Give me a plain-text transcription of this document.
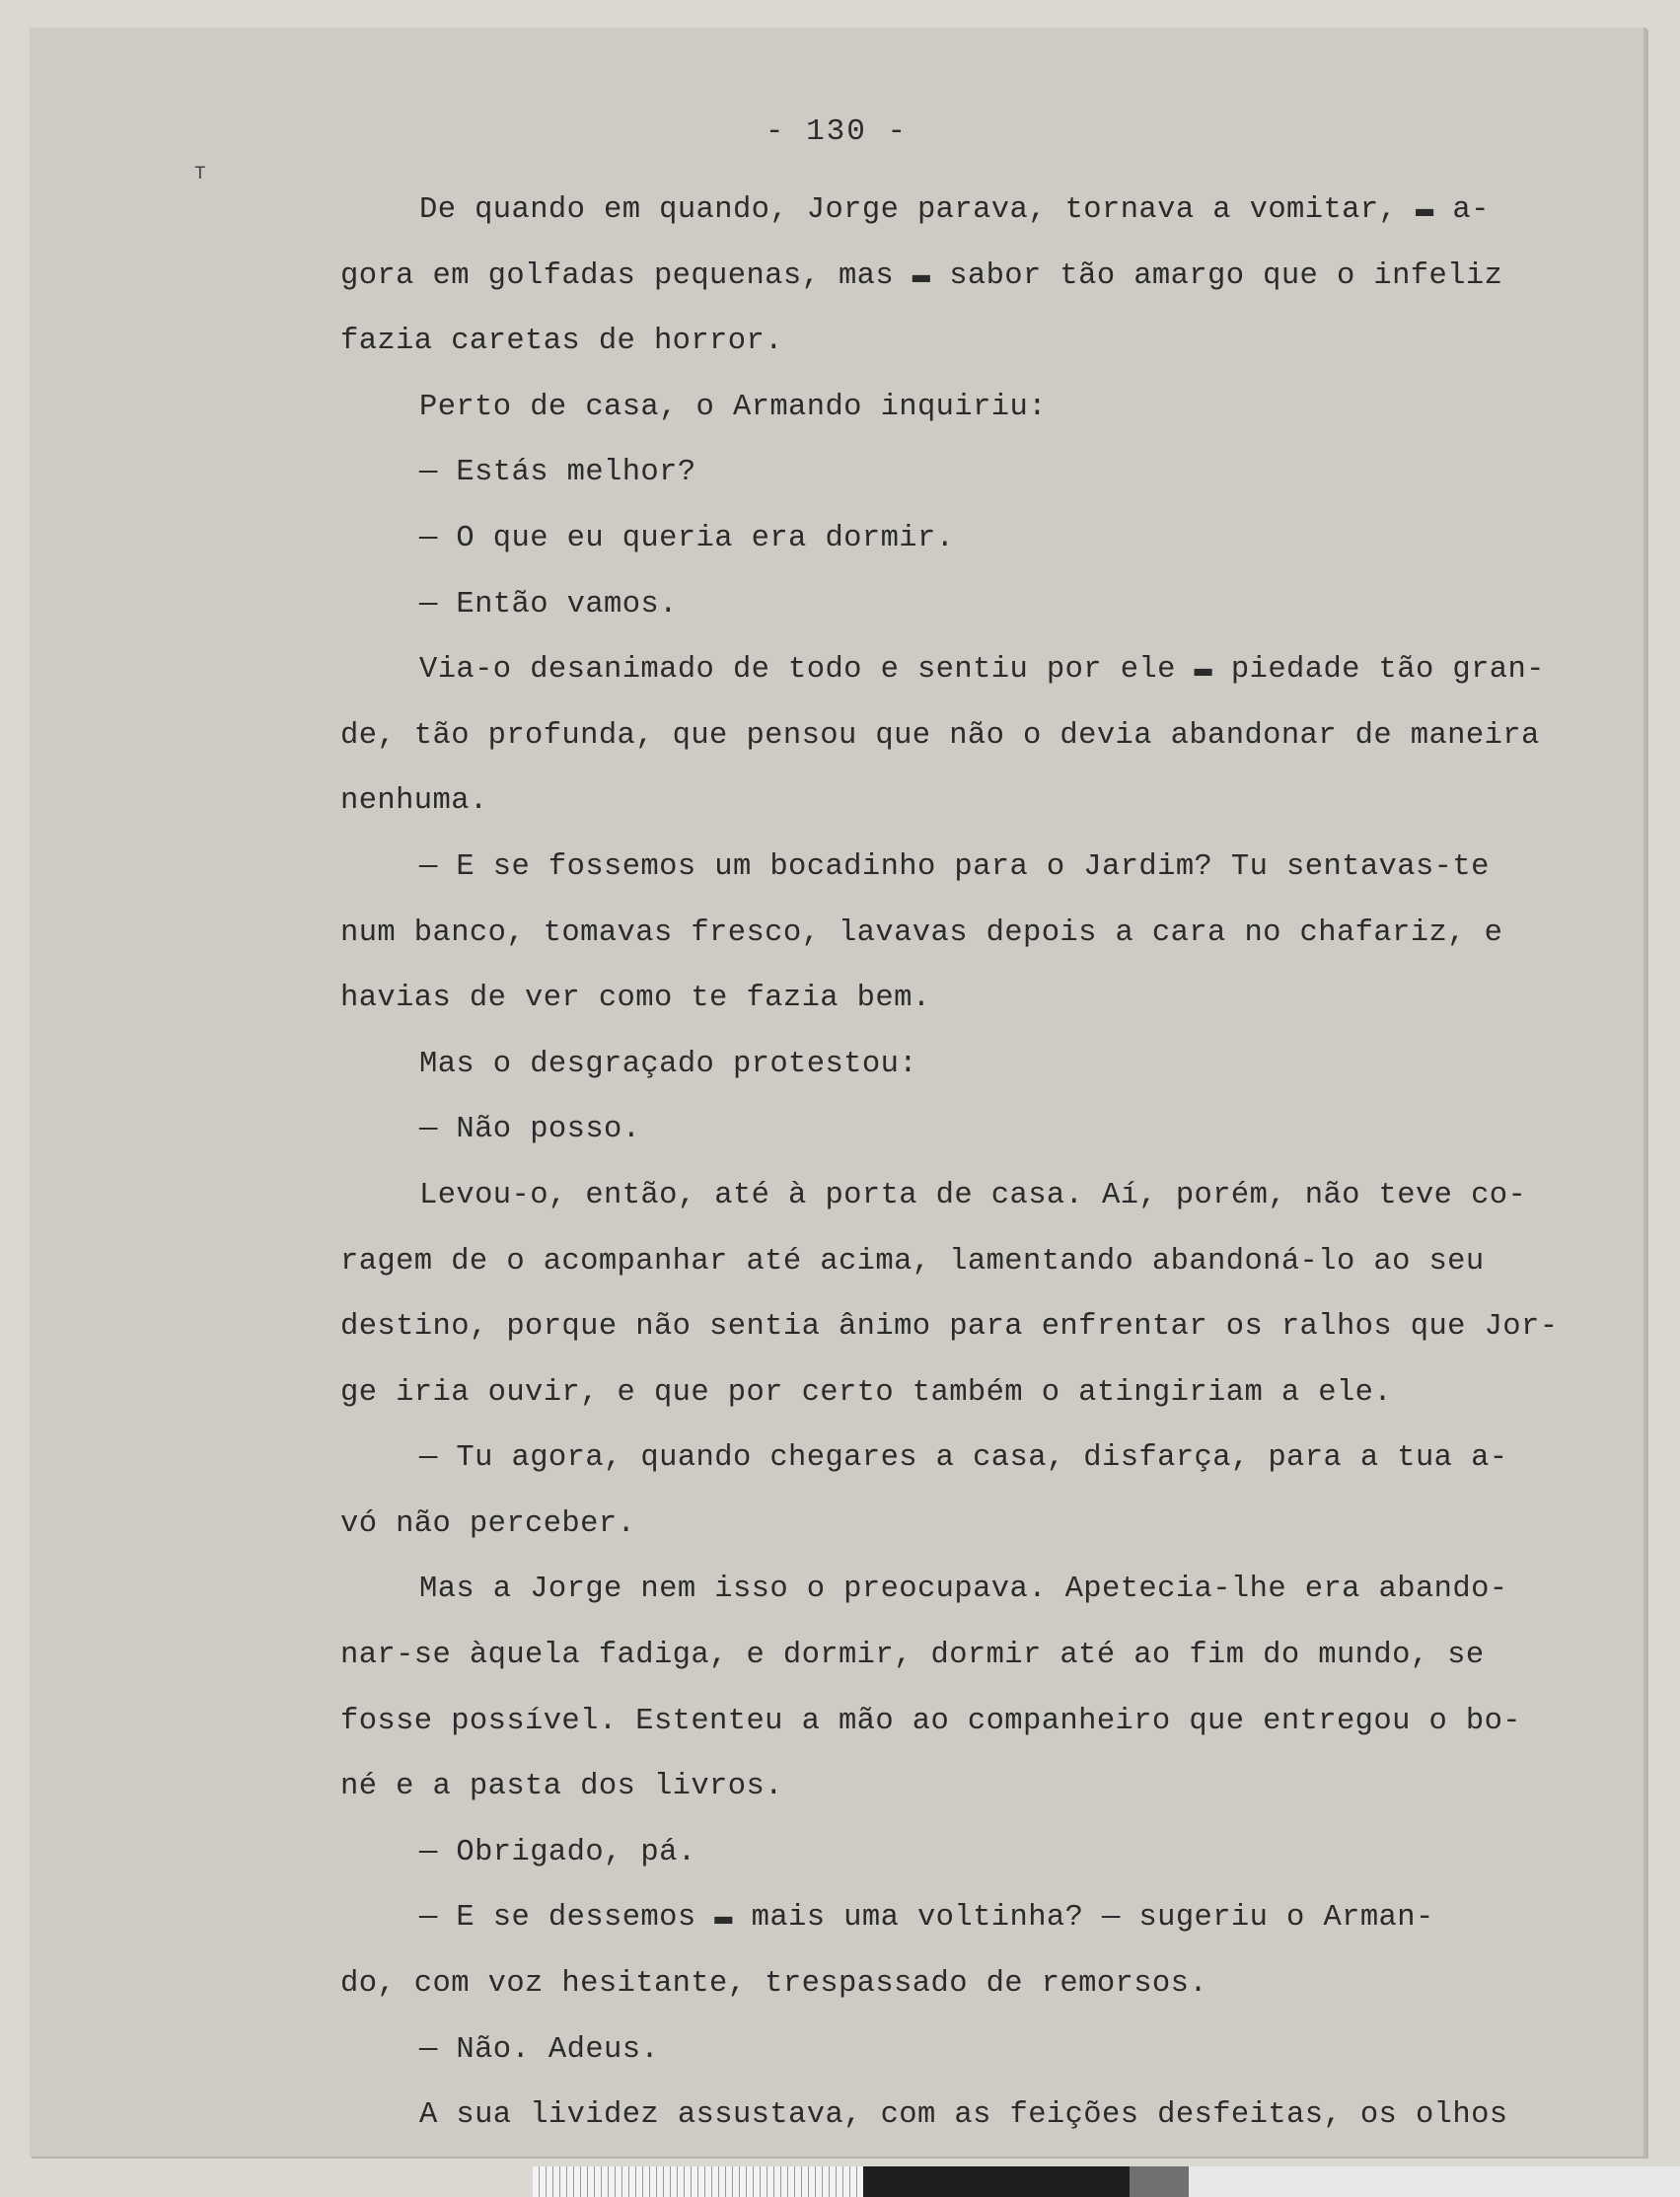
- 130 -
De quando em quando, Jorge parava, tornava a vomitar, ▬ a-
gora em golfadas pequenas, mas ▬ sabor tão amargo que o infeliz
fazia caretas de horror.
Perto de casa, o Armando inquiriu:
— Estás melhor?
— O que eu queria era dormir.
— Então vamos.
Via-o desanimado de todo e sentiu por ele ▬ piedade tão gran-
de, tão profunda, que pensou que não o devia abandonar de maneira
nenhuma.
— E se fossemos um bocadinho para o Jardim? Tu sentavas-te
num banco, tomavas fresco, lavavas depois a cara no chafariz, e
havias de ver como te fazia bem.
Mas o desgraçado protestou:
— Não posso.
Levou-o, então, até à porta de casa. Aí, porém, não teve co-
ragem de o acompanhar até acima, lamentando abandoná-lo ao seu
destino, porque não sentia ânimo para enfrentar os ralhos que Jor-
ge iria ouvir, e que por certo também o atingiriam a ele.
— Tu agora, quando chegares a casa, disfarça, para a tua a-
vó não perceber.
Mas a Jorge nem isso o preocupava. Apetecia-lhe era abando-
nar-se àquela fadiga, e dormir, dormir até ao fim do mundo, se
fosse possível. Estenteu a mão ao companheiro que entregou o bo-
né e a pasta dos livros.
— Obrigado, pá.
— E se dessemos ▬ mais uma voltinha? — sugeriu o Arman-
do, com voz hesitante, trespassado de remorsos.
— Não. Adeus.
A sua lividez assustava, com as feições desfeitas, os olhos
ᵀ
